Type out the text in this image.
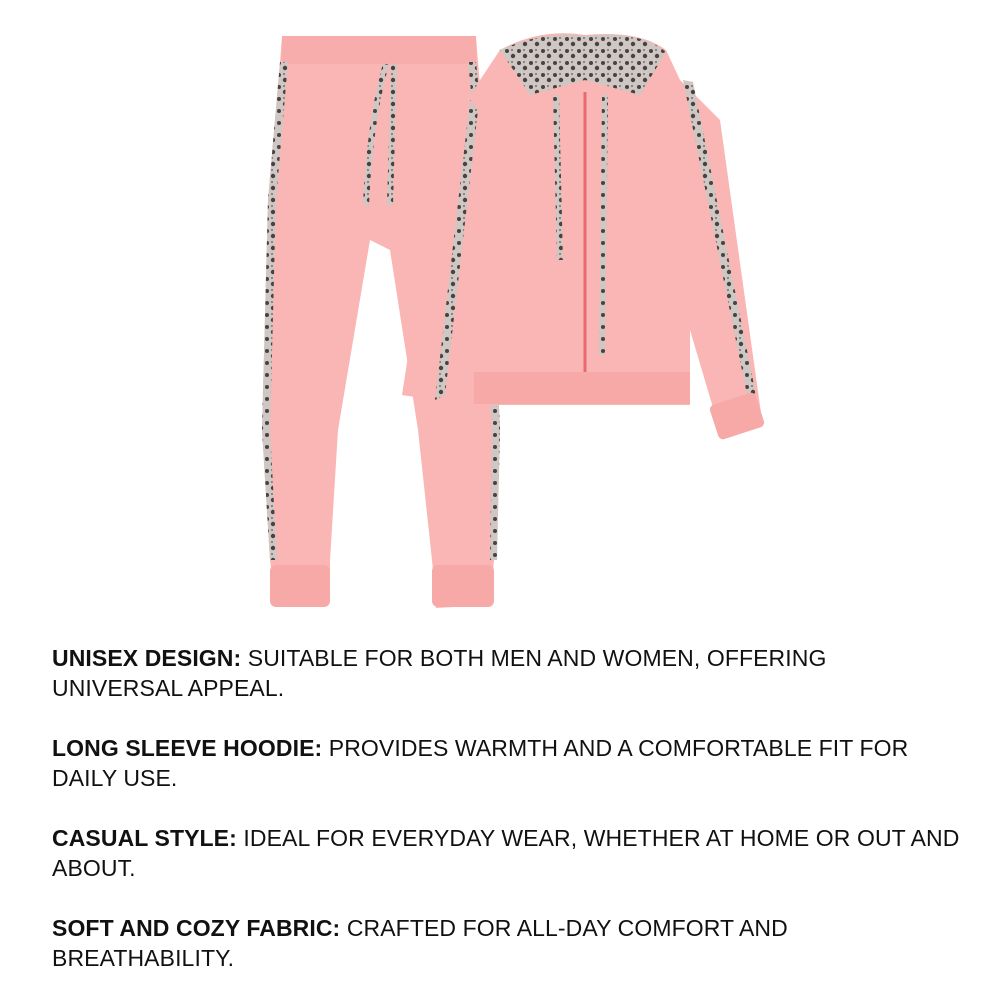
UNISEX DESIGN: SUITABLE FOR BOTH MEN AND WOMEN, OFFERING UNIVERSAL APPEAL.

LONG SLEEVE HOODIE: PROVIDES WARMTH AND A COMFORTABLE FIT FOR DAILY USE.

CASUAL STYLE: IDEAL FOR EVERYDAY WEAR, WHETHER AT HOME OR OUT AND ABOUT.

SOFT AND COZY FABRIC: CRAFTED FOR ALL-DAY COMFORT AND BREATHABILITY.
